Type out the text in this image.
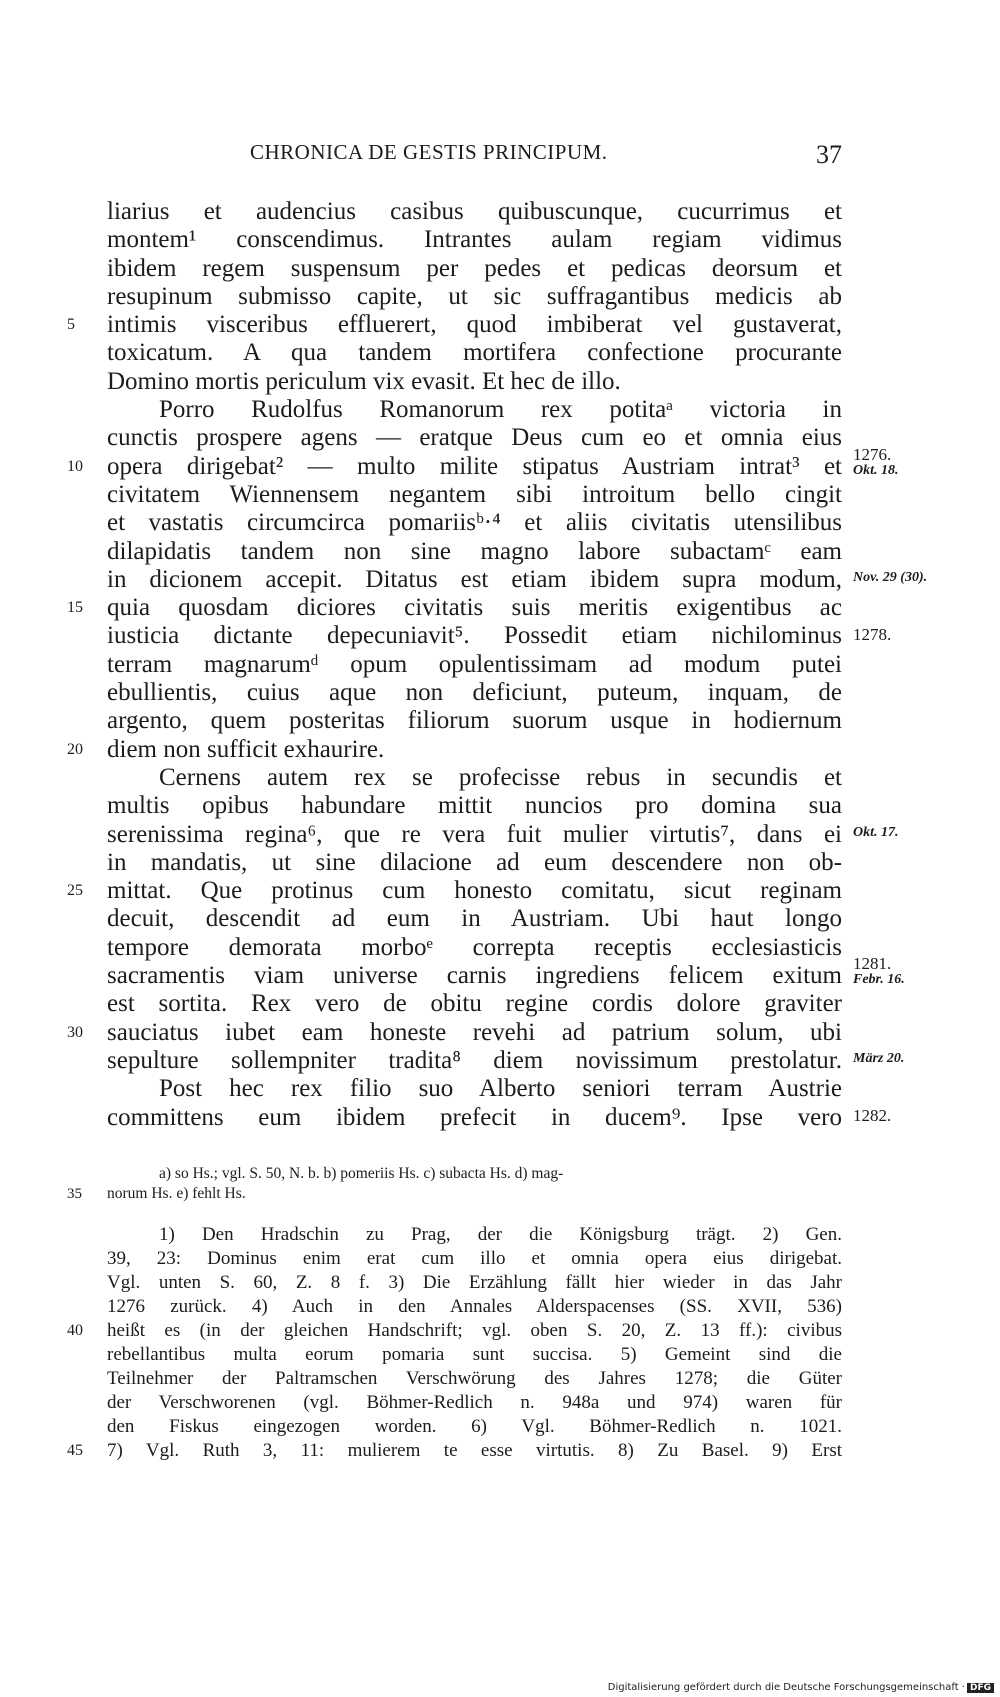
CHRONICA DE GESTIS PRINCIPUM.	37
liarius et audencius casibus quibuscunque, cucurrimus et
montem¹ conscendimus. Intrantes aulam regiam vidimus
ibidem regem suspensum per pedes et pedicas deorsum et
resupinum submisso capite, ut sic suffragantibus medicis ab
5	intimis visceribus effluerert, quod imbiberat vel gustaverat,
toxicatum. A qua tandem mortifera confectione procurante
Domino mortis periculum vix evasit. Et hec de illo.
Porro Rudolfus Romanorum rex potitaᵃ victoria in
cunctis prospere agens — eratque Deus cum eo et omnia eius
10 opera dirigebat² — multo milite stipatus Austriam intrat³ et
civitatem Wiennensem negantem sibi introitum bello cingit
et vastatis circumcirca pomariisᵇ·⁴ et aliis civitatis utensilibus
dilapidatis tandem non sine magno labore subactamᶜ eam
in dicionem accepit. Ditatus est etiam ibidem supra modum,
15 quia quosdam diciores civitatis suis meritis exigentibus ac
iusticia dictante depecuniavit⁵. Possedit etiam nichilominus
terram magnarumᵈ opum opulentissimam ad modum putei
ebullientis, cuius aque non deficiunt, puteum, inquam, de
argento, quem posteritas filiorum suorum usque in hodiernum
20 diem non sufficit exhaurire.
Cernens autem rex se profecisse rebus in secundis et
multis opibus habundare mittit nuncios pro domina sua
serenissima regina⁶, que re vera fuit mulier virtutis⁷, dans ei
in mandatis, ut sine dilacione ad eum descendere non ob-
25 mittat. Que protinus cum honesto comitatu, sicut reginam
decuit, descendit ad eum in Austriam. Ubi haut longo
tempore demorata morboᵉ correpta receptis ecclesiasticis
sacramentis viam universe carnis ingrediens felicem exitum
est sortita. Rex vero de obitu regine cordis dolore graviter
30 sauciatus iubet eam honeste revehi ad patrium solum, ubi
sepulture sollempniter tradita⁸ diem novissimum prestolatur.
Post hec rex filio suo Alberto seniori terram Austrie
committens eum ibidem prefecit in ducem⁹. Ipse vero
1276.
Okt. 18.
Nov. 29 (30).
1278.
Okt. 17.
1281.
Febr. 16.
März 20.
1282.
a) so Hs.; vgl. S. 50, N. b. b) pomeriis Hs. c) subacta Hs. d) mag-
35	norum Hs. e) fehlt Hs.
1) Den Hradschin zu Prag, der die Königsburg trägt. 2) Gen.
39, 23: Dominus enim erat cum illo et omnia opera eius dirigebat.
Vgl. unten S. 60, Z. 8 f. 3) Die Erzählung fällt hier wieder in das Jahr
1276 zurück. 4) Auch in den Annales Alderspacenses (SS. XVII, 536)
40	heißt es (in der gleichen Handschrift; vgl. oben S. 20, Z. 13 ff.): civibus
rebellantibus multa eorum pomaria sunt succisa. 5) Gemeint sind die
Teilnehmer der Paltramschen Verschwörung des Jahres 1278; die Güter
der Verschworenen (vgl. Böhmer-Redlich n. 948a und 974) waren für
den Fiskus eingezogen worden. 6) Vgl. Böhmer-Redlich n. 1021.
45	7) Vgl. Ruth 3, 11: mulierem te esse virtutis. 8) Zu Basel. 9) Erst
Digitalisierung gefördert durch die Deutsche Forschungsgemeinschaft · DFG
